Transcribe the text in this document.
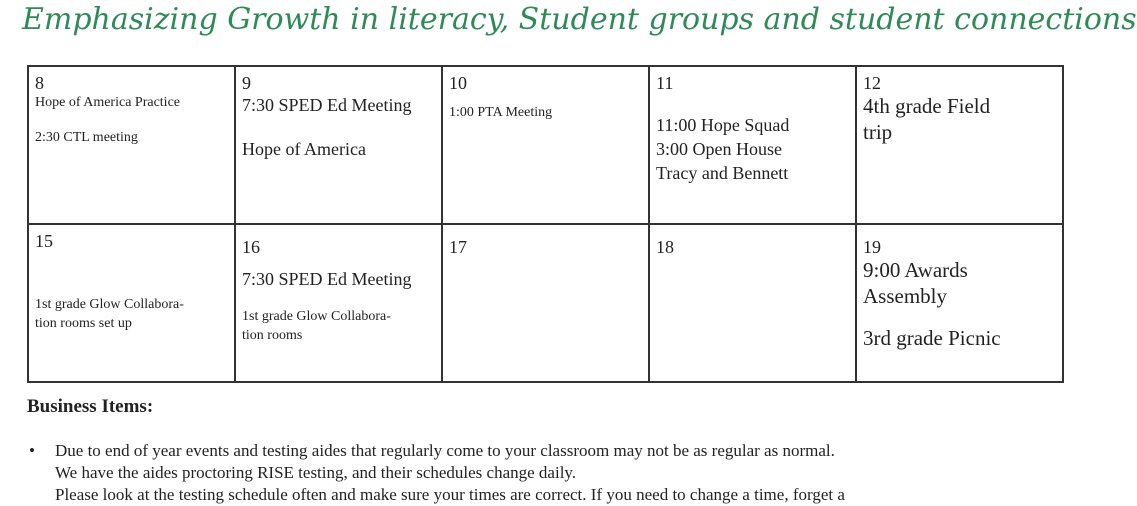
Emphasizing Growth in literacy, Student groups and student connections
8
Hope of America Practice
2:30 CTL meeting	9
7:30 SPED Ed Meeting
Hope of America	10
1:00 PTA Meeting	11
11:00 Hope Squad
3:00 Open House
Tracy and Bennett	12
4th grade Field
trip

15
1st grade Glow Collabora-
tion rooms set up	16
7:30 SPED Ed Meeting
1st grade Glow Collabora-
tion rooms	17	18	19
9:00 Awards
Assembly
3rd grade Picnic
Business Items:
• Due to end of year events and testing aides that regularly come to your classroom may not be as regular as normal.
We have the aides proctoring RISE testing, and their schedules change daily.
Please look at the testing schedule often and make sure your times are correct. If you need to change a time, forget a
